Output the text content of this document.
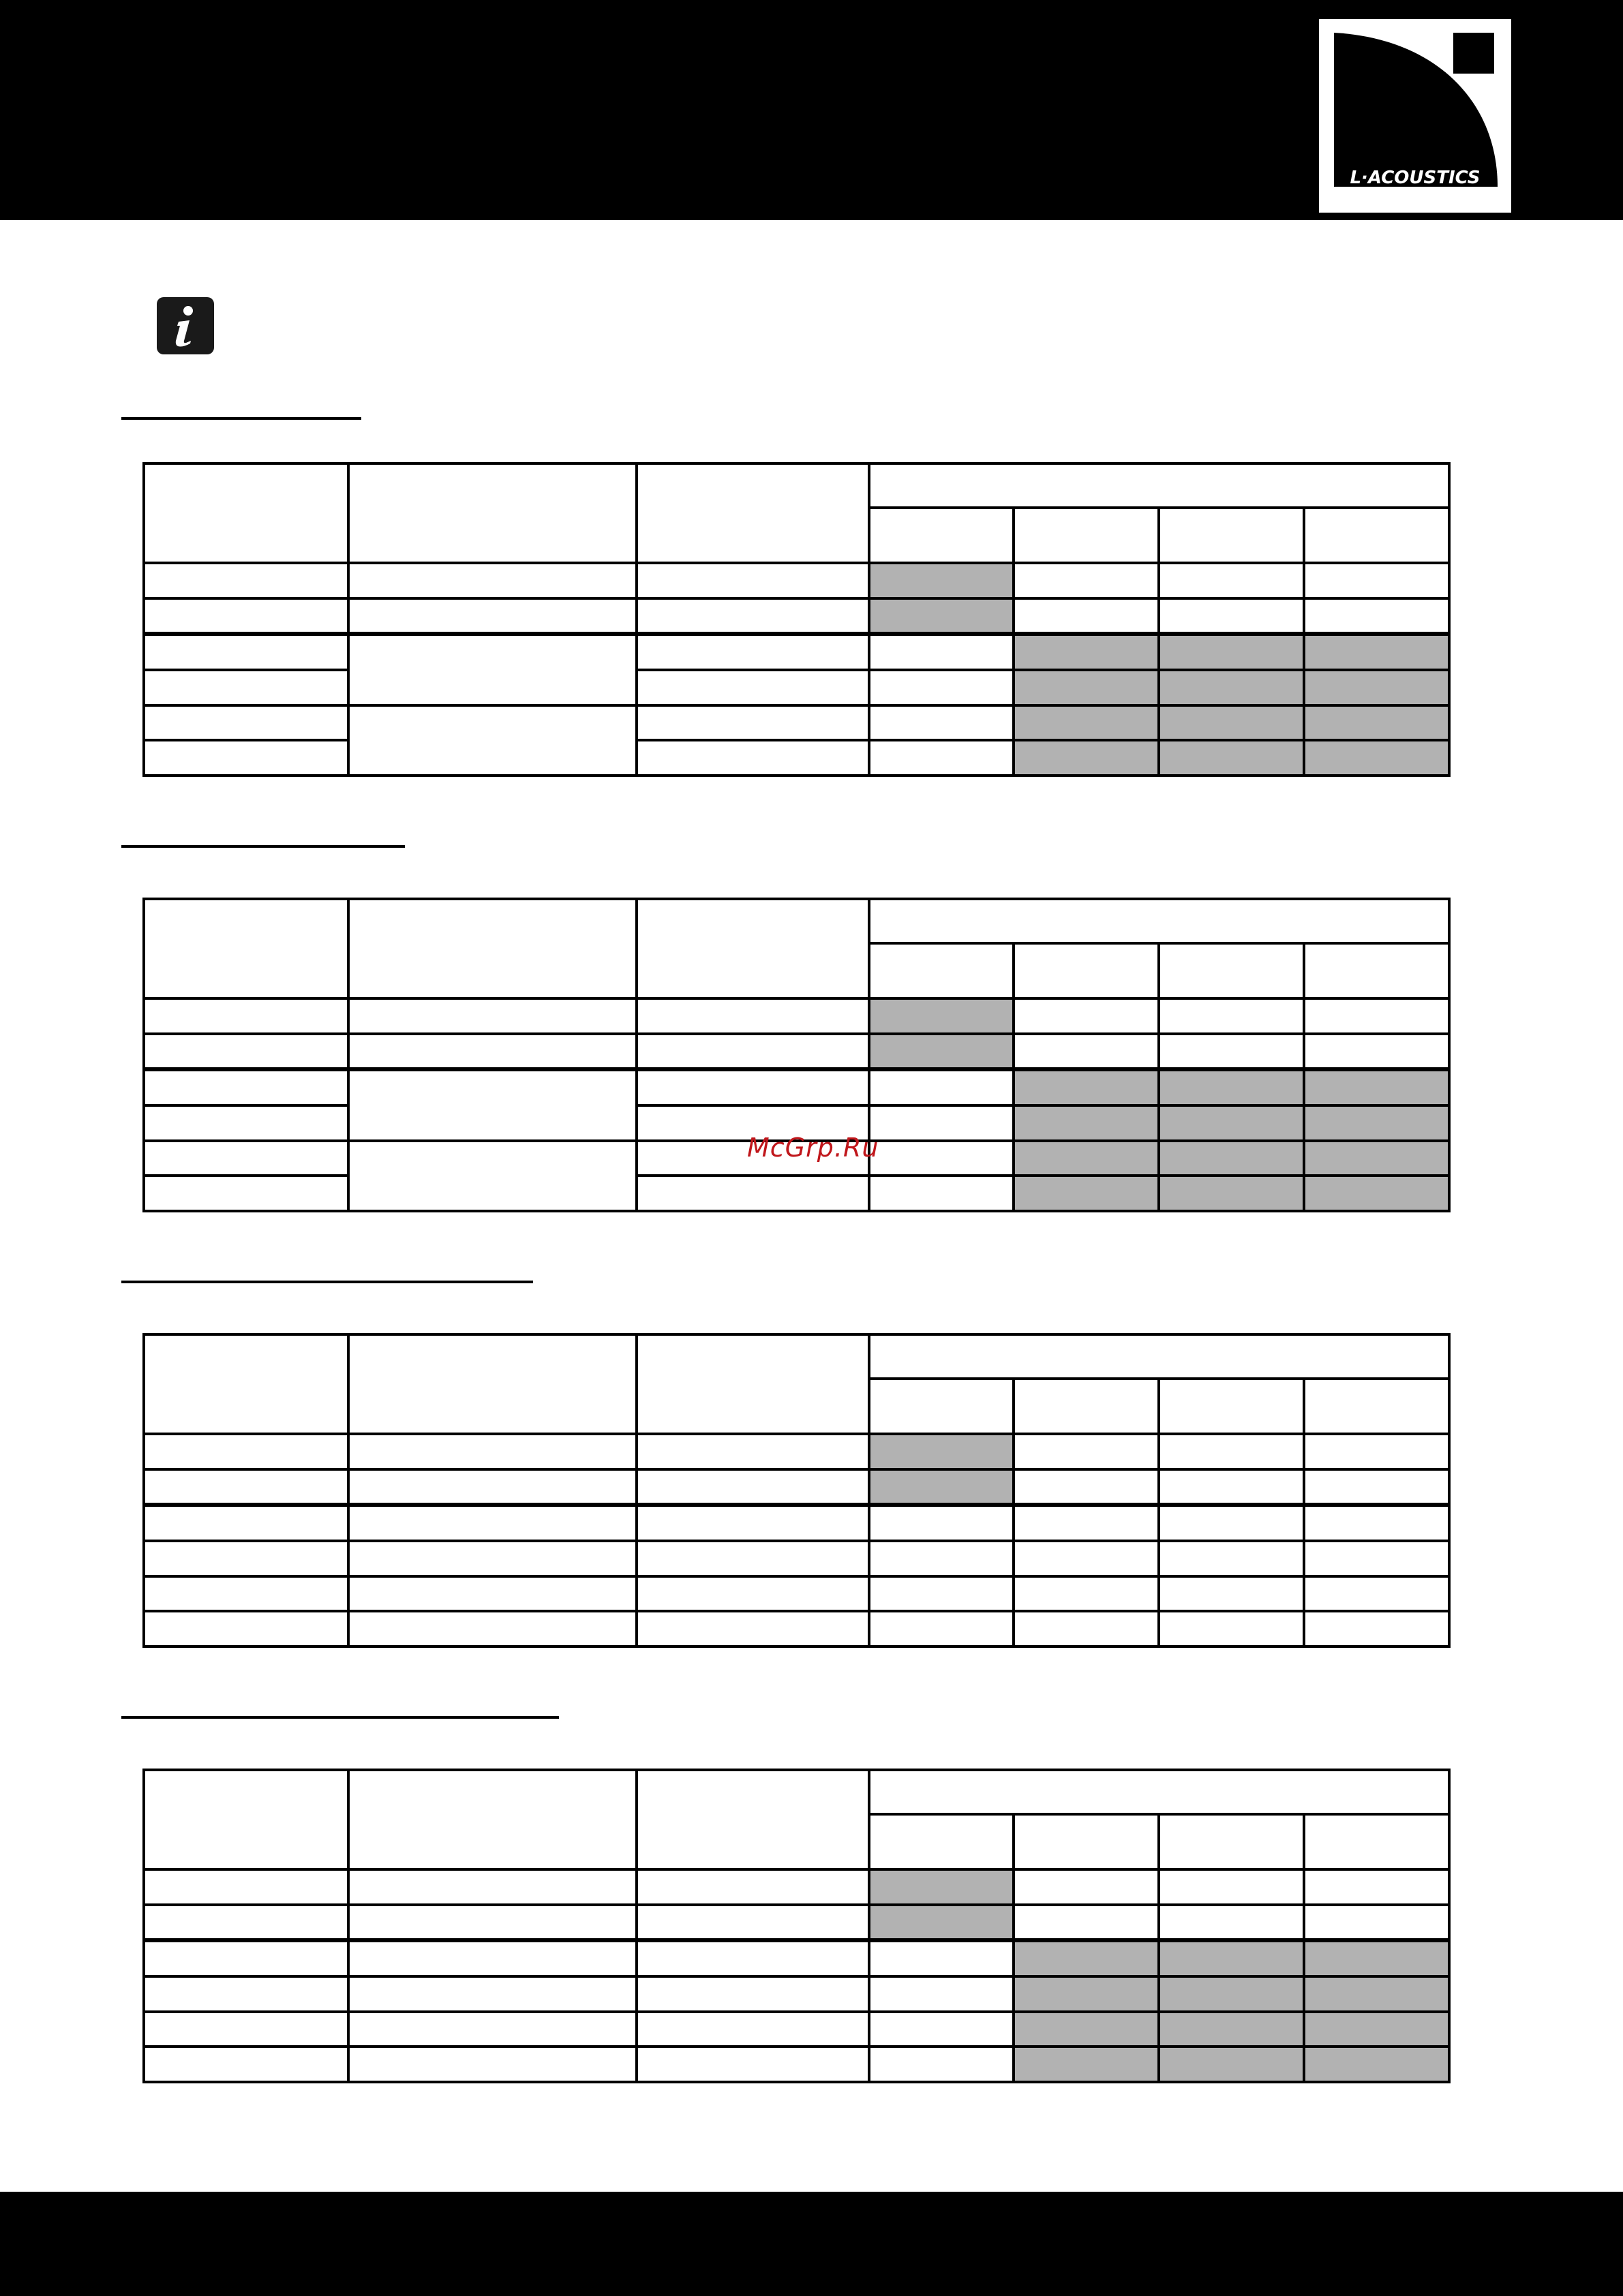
L·ACOUSTICS

McGrp.Ru
